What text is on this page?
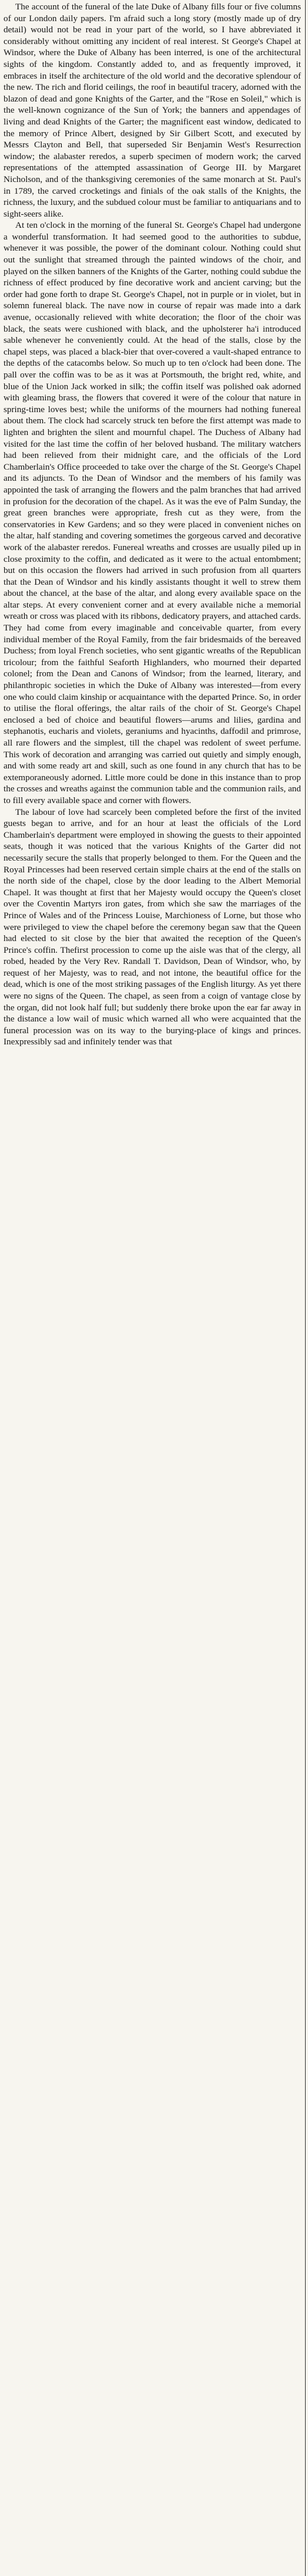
The account of the funeral of the late Duke of Albany fills four or five columns of our London daily papers. I'm afraid such a long story (mostly made up of dry detail) would not be read in your part of the world, so I have abbreviated it considerably without omitting any incident of real interest. St George's Chapel at Windsor, where the Duke of Albany has been interred, is one of the architectural sights of the kingdom. Constantly added to, and as frequently improved, it embraces in itself the architecture of the old world and the decorative splendour of the new. The rich and florid ceilings, the roof in beautiful tracery, adorned with the blazon of dead and gone Knights of the Garter, and the "Rose en Soleil," which is the well-known cognizance of the Sun of York; the banners and appendages of living and dead Knights of the Garter; the magnificent east window, dedicated to the memory of Prince Albert, designed by Sir Gilbert Scott, and executed by Messrs Clayton and Bell, that superseded Sir Benjamin West's Resurrection window; the alabaster reredos, a superb specimen of modern work; the carved representations of the attempted assassination of George III. by Margaret Nicholson, and of the thanksgiving ceremonies of the same monarch at St. Paul's in 1789, the carved crocketings and finials of the oak stalls of the Knights, the richness, the luxury, and the subdued colour must be familiar to antiquarians and to sight-seers alike.

At ten o'clock in the morning of the funeral St. George's Chapel had undergone a wonderful transformation. It had seemed good to the authorities to subdue, whenever it was possible, the power of the dominant colour. Nothing could shut out the sunlight that streamed through the painted windows of the choir, and played on the silken banners of the Knights of the Garter, nothing could subdue the richness of effect produced by fine decorative work and ancient carving; but the order had gone forth to drape St. George's Chapel, not in purple or in violet, but in solemn funereal black. The nave now in course of repair was made into a dark avenue, occasionally relieved with white decoration; the floor of the choir was black, the seats were cushioned with black, and the upholsterer ha'i introduced sable whenever he conveniently could. At the head of the stalls, close by the chapel steps, was placed a black-bier that over-covered a vault-shaped entrance to the depths of the catacombs below. So much up to ten o'clock had been done. The pall over the coffin was to be as it was at Portsmouth, the bright red, white, and blue of the Union Jack worked in silk; the coffin itself was polished oak adorned with gleaming brass, the flowers that covered it were of the colour that nature in spring-time loves best; while the uniforms of the mourners had nothing funereal about them. The clock had scarcely struck ten before the first attempt was made to lighten and brighten the silent and mournful chapel. The Duchess of Albany had visited for the last time the coffin of her beloved husband. The military watchers had been relieved from their midnight care, and the officials of the Lord Chamberlain's Office proceeded to take over the charge of the St. George's Chapel and its adjuncts. To the Dean of Windsor and the members of his family was appointed the task of arranging the flowers and the palm branches that had arrived in profusion for the decoration of the chapel. As it was the eve of Palm Sunday, the great green branches were appropriate, fresh cut as they were, from the conservatories in Kew Gardens; and so they were placed in convenient niches on the altar, half standing and covering sometimes the gorgeous carved and decorative work of the alabaster reredos. Funereal wreaths and crosses are usually piled up in close proximity to the coffin, and dedicated as it were to the actual entombment; but on this occasion the flowers had arrived in such profusion from all quarters that the Dean of Windsor and his kindly assistants thought it well to strew them about the chancel, at the base of the altar, and along every available space on the altar steps. At every convenient corner and at every available niche a memorial wreath or cross was placed with its ribbons, dedicatory prayers, and attached cards. They had come from every imaginable and conceivable quarter, from every individual member of the Royal Family, from the fair bridesmaids of the bereaved Duchess; from loyal French societies, who sent gigantic wreaths of the Republican tricolour; from the faithful Seaforth Highlanders, who mourned their departed colonel; from the Dean and Canons of Windsor; from the learned, literary, and philanthropic societies in which the Duke of Albany was interested—from every one who could claim kinship or acquaintance with the departed Prince. So, in order to utilise the floral offerings, the altar rails of the choir of St. George's Chapel enclosed a bed of choice and beautiful flowers—arums and lilies, gardina and stephanotis, eucharis and violets, geraniums and hyacinths, daffodil and primrose, all rare flowers and the simplest, till the chapel was redolent of sweet perfume. This work of decoration and arranging was carried out quietly and simply enough, and with some ready art and skill, such as one found in any church that has to be extemporaneously adorned. Little more could be done in this instance than to prop the crosses and wreaths against the communion table and the communion rails, and to fill every available space and corner with flowers.

The labour of love had scarcely been completed before the first of the invited guests began to arrive, and for an hour at least the officials of the Lord Chamberlain's department were employed in showing the guests to their appointed seats, though it was noticed that the various Knights of the Garter did not necessarily secure the stalls that properly belonged to them. For the Queen and the Royal Princesses had been reserved certain simple chairs at the end of the stalls on the north side of the chapel, close by the door leading to the Albert Memorial Chapel. It was thought at first that her Majesty would occupy the Queen's closet over the Coventin Martyrs iron gates, from which she saw the marriages of the Prince of Wales and of the Princess Louise, Marchioness of Lorne, but those who were privileged to view the chapel before the ceremony began saw that the Queen had elected to sit close by the bier that awaited the reception of the Queen's Prince's coffin. Thefirst procession to come up the aisle was that of the clergy, all robed, headed by the Very Rev. Randall T. Davidson, Dean of Windsor, who, by request of her Majesty, was to read, and not intone, the beautiful office for the dead, which is one of the most striking passages of the English liturgy. As yet there were no signs of the Queen. The chapel, as seen from a coign of vantage close by the organ, did not look half full; but suddenly there broke upon the ear far away in the distance a low wail of music which warned all who were acquainted that the funeral procession was on its way to the burying-place of kings and princes. Inexpressibly sad and infinitely tender was that
